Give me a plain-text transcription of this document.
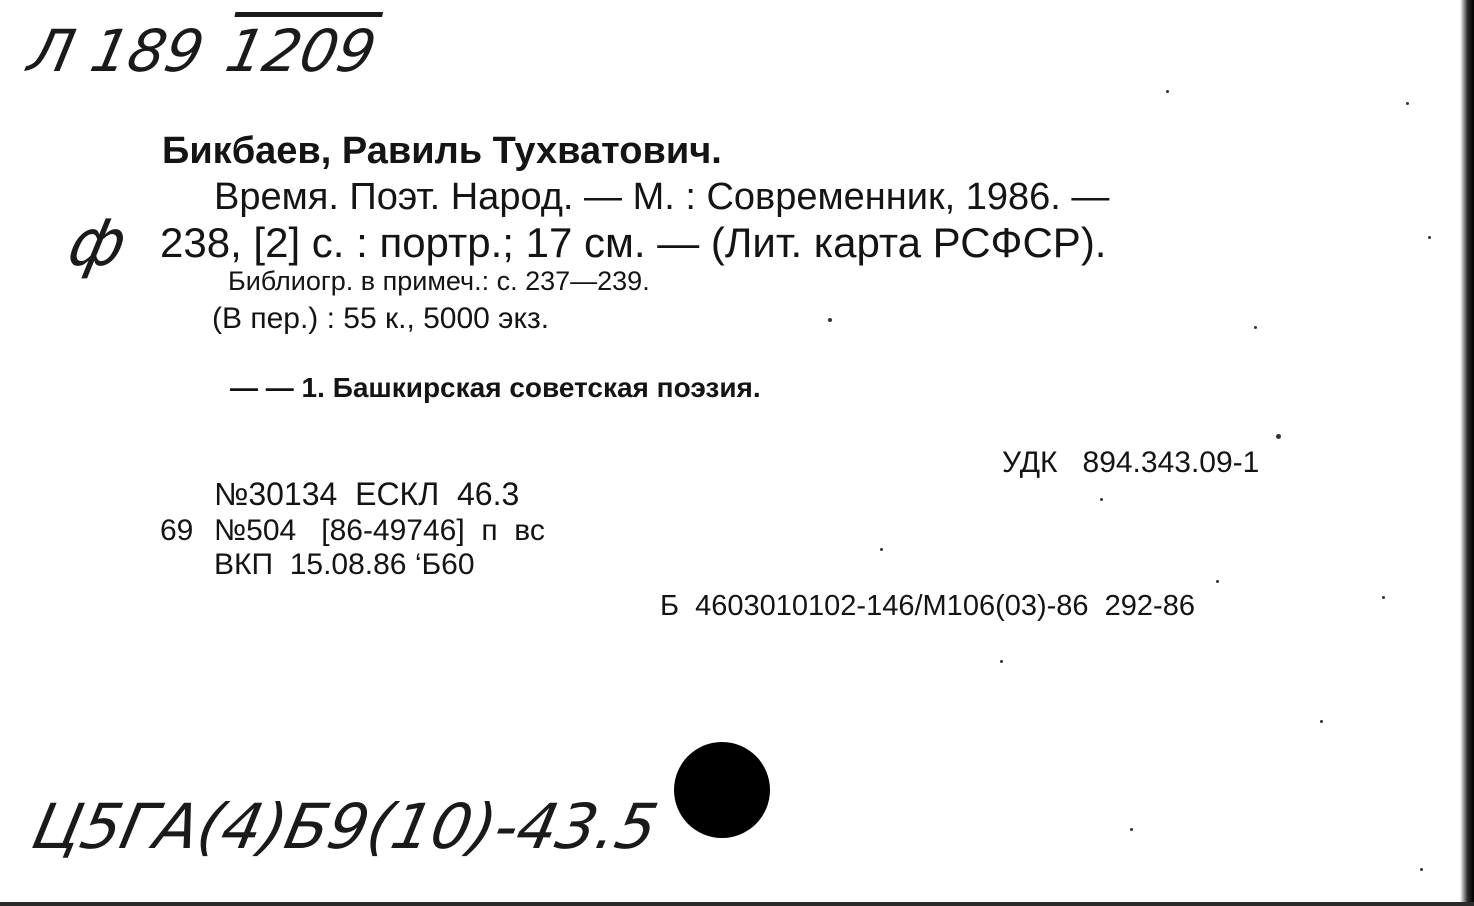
Л 189 1209
ф
Бикбаев, Равиль Тухватович.
Время. Поэт. Народ. — М. : Современник, 1986. —
238, [2] с. : портр.; 17 см. — (Лит. карта РСФСР).
Библиогр. в примеч.: с. 237—239.
(В пер.) : 55 к., 5000 экз.
— — 1. Башкирская советская поэзия.
УДК   894.343.09-1
№30134  ЕСКЛ  46.3
69 №504   [86-49746]  п  вс
ВКП  15.08.86 ‘Б60
Б  4603010102-146/М106(03)-86  292-86
Ц5ГА(4)Б9(10)-43.5
